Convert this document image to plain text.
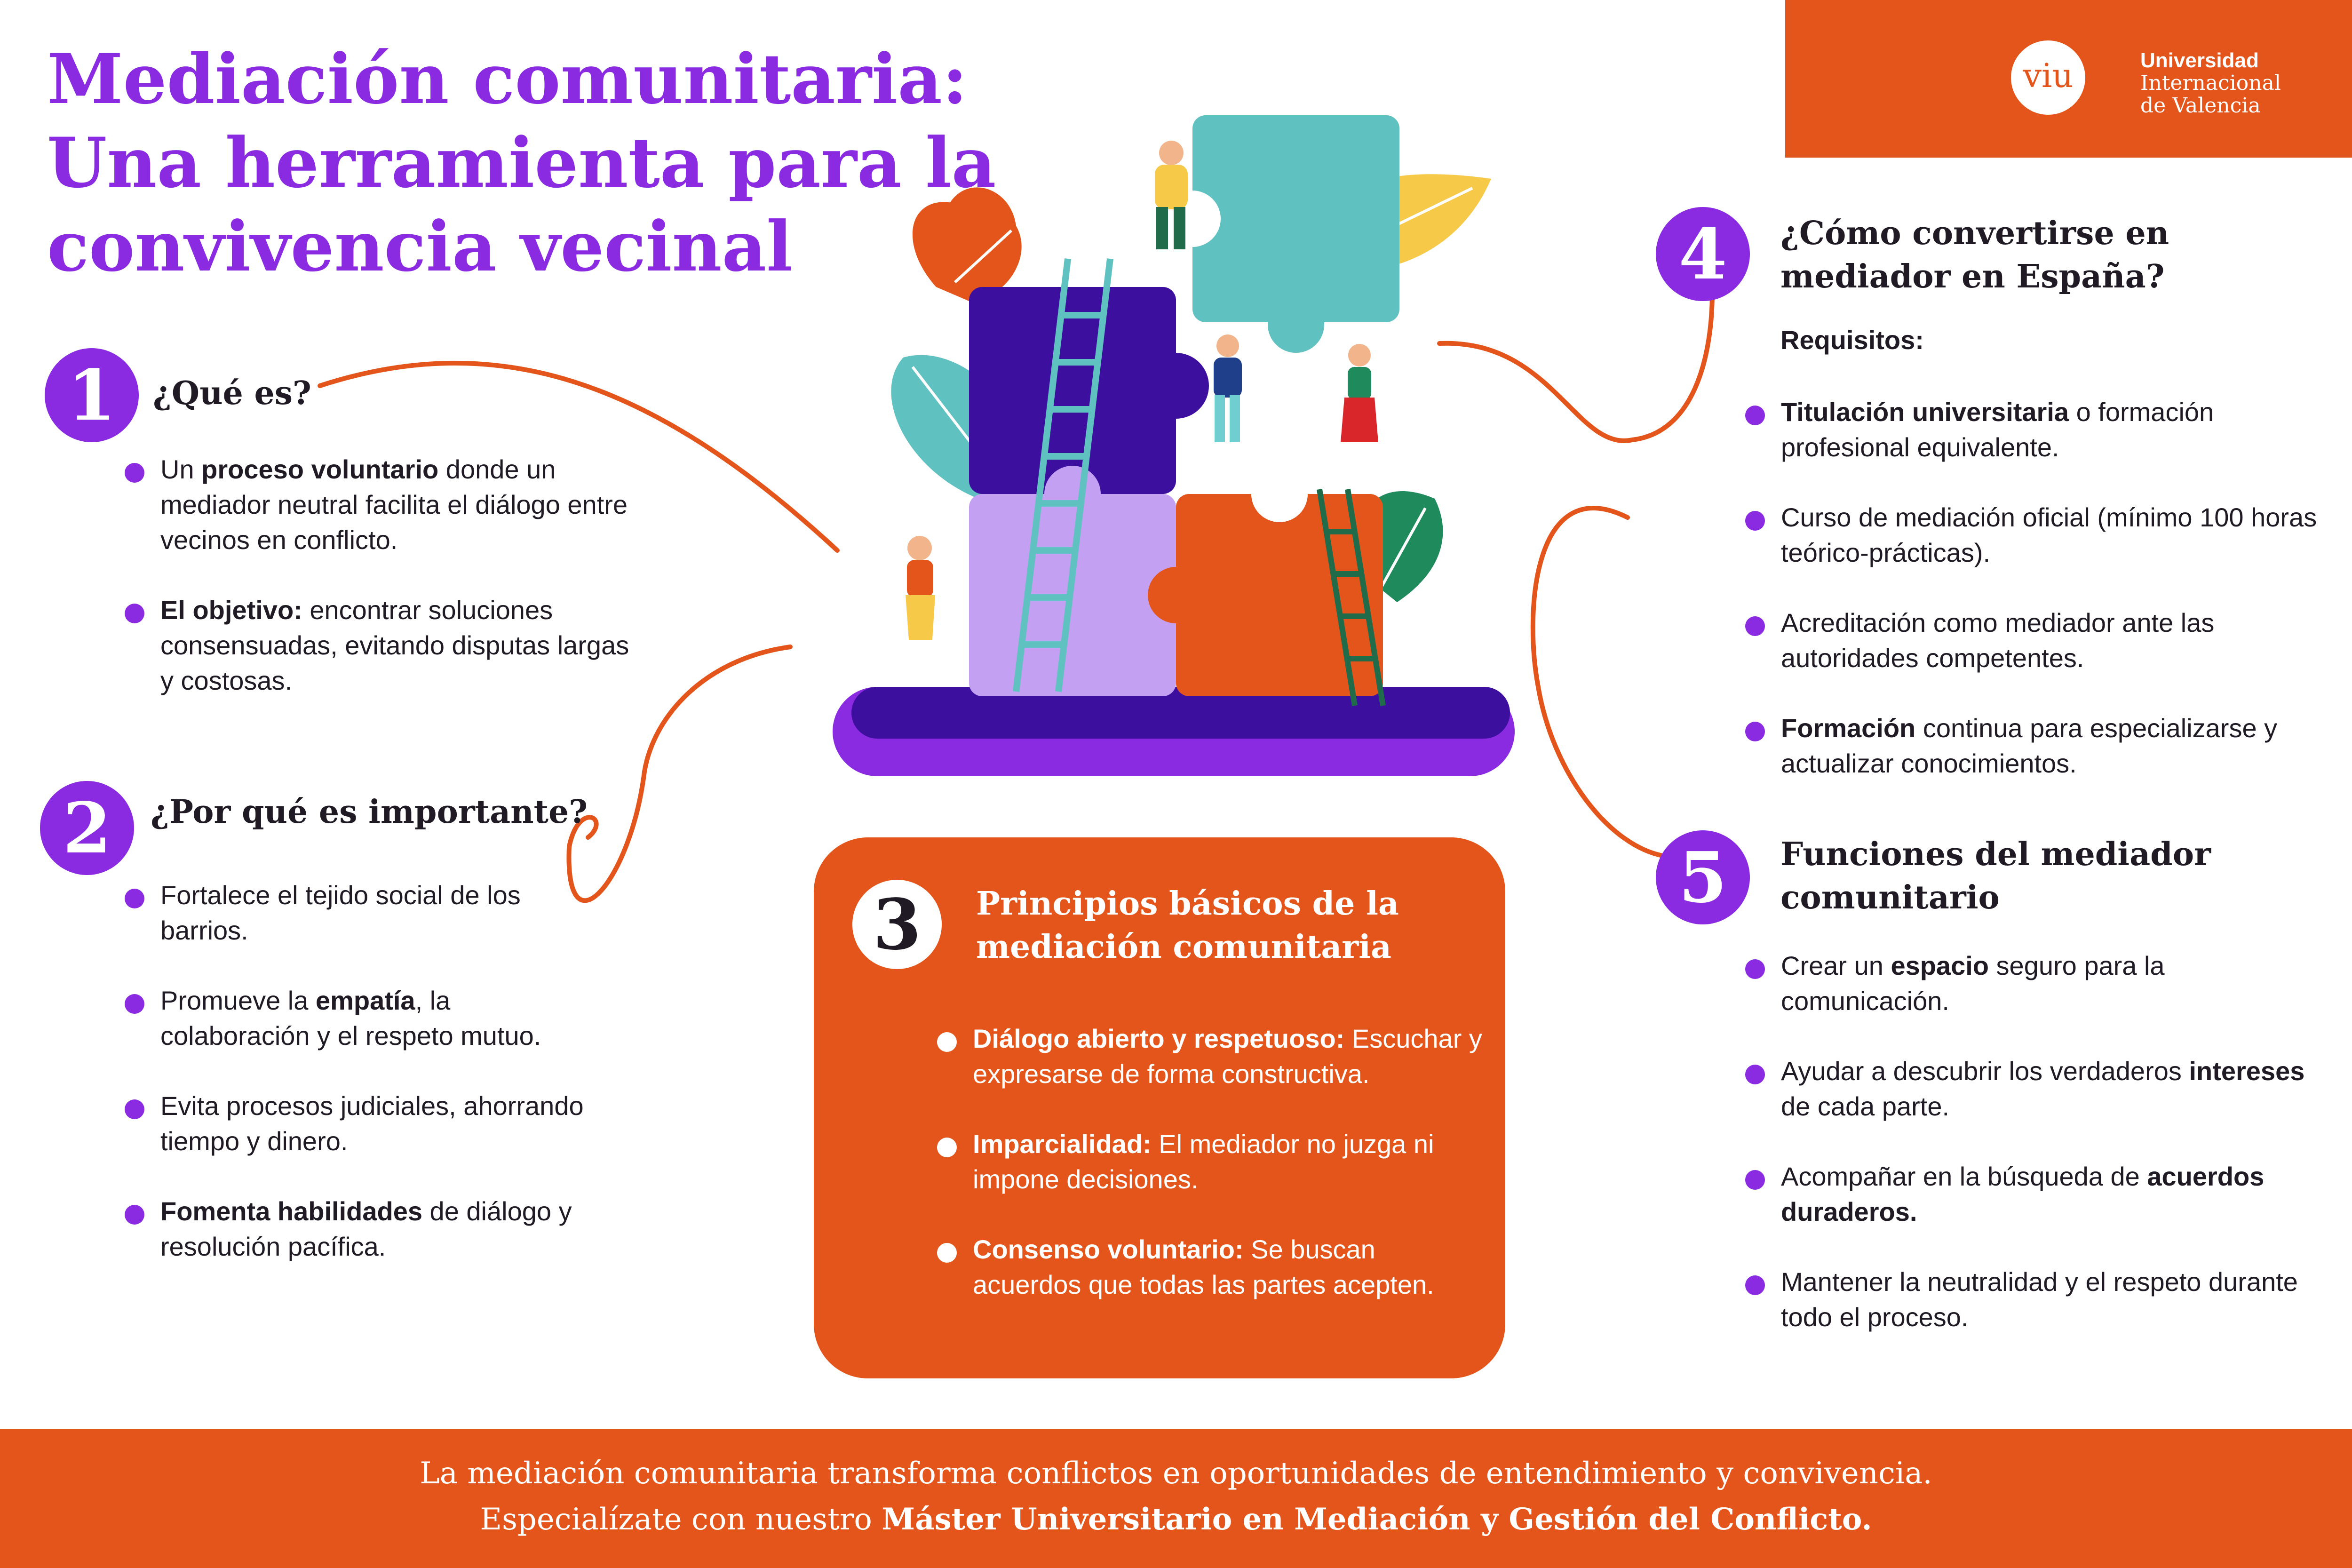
Mediación comunitaria: Una herramienta para la convivencia vecinal
viu	Universidad
Internacional
de Valencia
1	¿Qué es?
Un proceso voluntario donde un mediador neutral facilita el diálogo entre vecinos en conflicto.
El objetivo: encontrar soluciones consensuadas, evitando disputas largas y costosas.
2	¿Por qué es importante?
Fortalece el tejido social de los barrios.
Promueve la empatía, la colaboración y el respeto mutuo.
Evita procesos judiciales, ahorrando tiempo y dinero.
Fomenta habilidades de diálogo y resolución pacífica.
3	Principios básicos de la mediación comunitaria
Diálogo abierto y respetuoso: Escuchar y expresarse de forma constructiva.
Imparcialidad: El mediador no juzga ni impone decisiones.
Consenso voluntario: Se buscan acuerdos que todas las partes acepten.
4	¿Cómo convertirse en mediador en España?
Requisitos:
Titulación universitaria o formación profesional equivalente.
Curso de mediación oficial (mínimo 100 horas teórico-prácticas).
Acreditación como mediador ante las autoridades competentes.
Formación continua para especializarse y actualizar conocimientos.
5	Funciones del mediador comunitario
Crear un espacio seguro para la comunicación.
Ayudar a descubrir los verdaderos intereses de cada parte.
Acompañar en la búsqueda de acuerdos duraderos.
Mantener la neutralidad y el respeto durante todo el proceso.
La mediación comunitaria transforma conflictos en oportunidades de entendimiento y convivencia.
Especialízate con nuestro Máster Universitario en Mediación y Gestión del Conflicto.
